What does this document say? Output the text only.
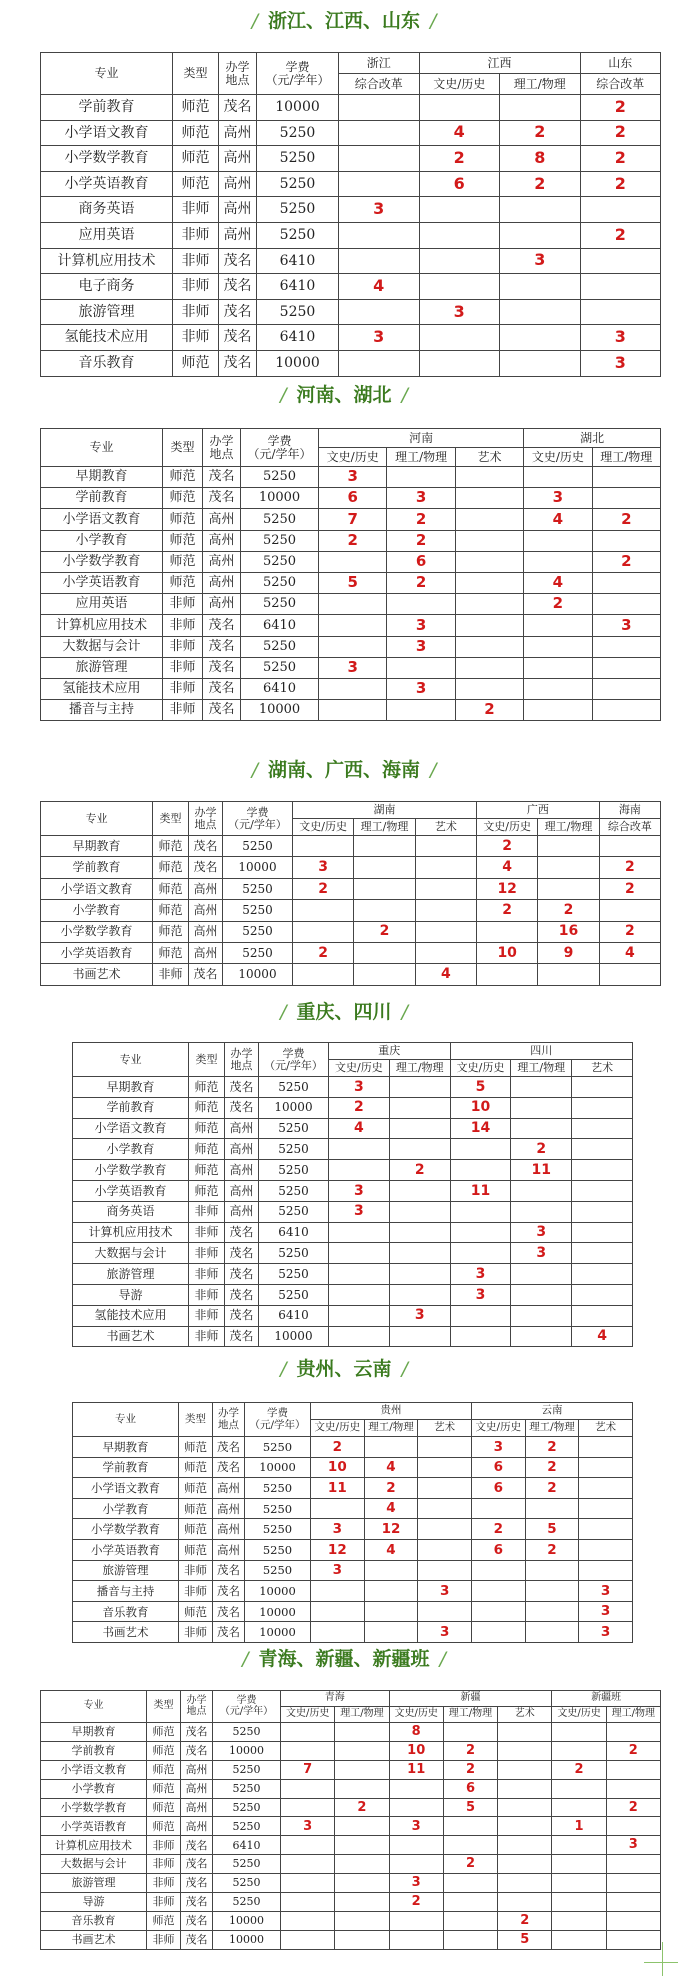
/ 浙江、江西、山东 /
专业	类型	办学
地点	学费
（元/学年）	浙江	江西		山东
				综合改革	文史/历史	理工/物理	综合改革
学前教育	师范	茂名	10000				2
小学语文教育	师范	高州	5250		4	2	2
小学数学教育	师范	高州	5250		2	8	2
小学英语教育	师范	高州	5250		6	2	2
商务英语	非师	高州	5250	3			
应用英语	非师	高州	5250				2
计算机应用技术	非师	茂名	6410			3	
电子商务	非师	茂名	6410	4			
旅游管理	非师	茂名	5250		3		
氢能技术应用	非师	茂名	6410	3			3
音乐教育	师范	茂名	10000				3
/ 河南、湖北 /
专业	类型	办学
地点	学费
（元/学年）	河南			湖北	
				文史/历史	理工/物理	艺术	文史/历史	理工/物理
早期教育	师范	茂名	5250	3				
学前教育	师范	茂名	10000	6	3		3	
小学语文教育	师范	高州	5250	7	2		4	2
小学教育	师范	高州	5250	2	2			
小学数学教育	师范	高州	5250		6			2
小学英语教育	师范	高州	5250	5	2		4	
应用英语	非师	高州	5250				2	
计算机应用技术	非师	茂名	6410		3			3
大数据与会计	非师	茂名	5250		3			
旅游管理	非师	茂名	5250	3				
氢能技术应用	非师	茂名	6410		3			
播音与主持	非师	茂名	10000			2		
/ 湖南、广西、海南 /
专业	类型	办学
地点	学费
（元/学年）	湖南			广西		海南
				文史/历史	理工/物理	艺术	文史/历史	理工/物理	综合改革
早期教育	师范	茂名	5250				2		
学前教育	师范	茂名	10000	3			4		2
小学语文教育	师范	高州	5250	2			12		2
小学教育	师范	高州	5250				2	2	
小学数学教育	师范	高州	5250		2			16	2
小学英语教育	师范	高州	5250	2			10	9	4
书画艺术	非师	茂名	10000			4			
/ 重庆、四川 /
专业	类型	办学
地点	学费
（元/学年）	重庆		四川		
				文史/历史	理工/物理	文史/历史	理工/物理	艺术
早期教育	师范	茂名	5250	3		5		
学前教育	师范	茂名	10000	2		10		
小学语文教育	师范	高州	5250	4		14		
小学教育	师范	高州	5250				2	
小学数学教育	师范	高州	5250		2		11	
小学英语教育	师范	高州	5250	3		11		
商务英语	非师	高州	5250	3				
计算机应用技术	非师	茂名	6410				3	
大数据与会计	非师	茂名	5250				3	
旅游管理	非师	茂名	5250			3		
导游	非师	茂名	5250			3		
氢能技术应用	非师	茂名	6410		3			
书画艺术	非师	茂名	10000					4
/ 贵州、云南 /
专业	类型	办学
地点	学费
（元/学年）	贵州			云南		
				文史/历史	理工/物理	艺术	文史/历史	理工/物理	艺术
早期教育	师范	茂名	5250	2			3	2	
学前教育	师范	茂名	10000	10	4		6	2	
小学语文教育	师范	高州	5250	11	2		6	2	
小学教育	师范	高州	5250		4				
小学数学教育	师范	高州	5250	3	12		2	5	
小学英语教育	师范	高州	5250	12	4		6	2	
旅游管理	非师	茂名	5250	3					
播音与主持	非师	茂名	10000			3			3
音乐教育	师范	茂名	10000						3
书画艺术	非师	茂名	10000			3			3
/ 青海、新疆、新疆班 /
专业	类型	办学
地点	学费
（元/学年）	青海		新疆			新疆班	
				文史/历史	理工/物理	文史/历史	理工/物理	艺术	文史/历史	理工/物理
早期教育	师范	茂名	5250			8				
学前教育	师范	茂名	10000			10	2			2
小学语文教育	师范	高州	5250	7		11	2		2	
小学教育	师范	高州	5250				6			
小学数学教育	师范	高州	5250		2		5			2
小学英语教育	师范	高州	5250	3		3			1	
计算机应用技术	非师	茂名	6410							3
大数据与会计	非师	茂名	5250				2			
旅游管理	非师	茂名	5250			3				
导游	非师	茂名	5250			2				
音乐教育	师范	茂名	10000					2		
书画艺术	非师	茂名	10000					5		
